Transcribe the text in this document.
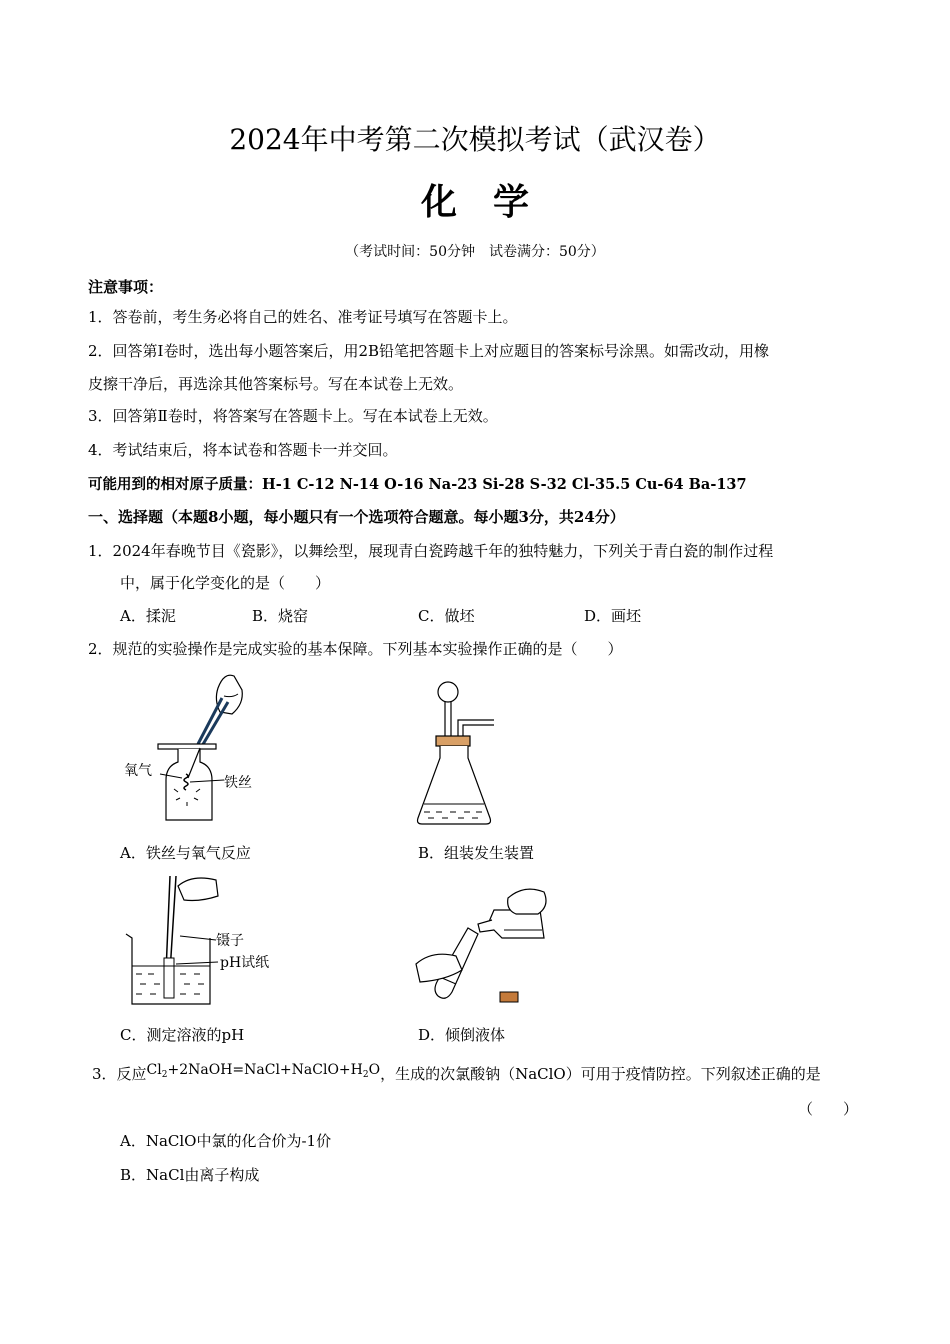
2024年中考第二次模拟考试（武汉卷）
化学
（考试时间：50分钟　试卷满分：50分）
注意事项：
1．答卷前，考生务必将自己的姓名、准考证号填写在答题卡上。
2．回答第Ⅰ卷时，选出每小题答案后，用2B铅笔把答题卡上对应题目的答案标号涂黑。如需改动，用橡
皮擦干净后，再选涂其他答案标号。写在本试卷上无效。
3．回答第Ⅱ卷时，将答案写在答题卡上。写在本试卷上无效。
4．考试结束后，将本试卷和答题卡一并交回。
可能用到的相对原子质量：H-1 C-12 N-14 O-16 Na-23 Si-28 S-32 Cl-35.5 Cu-64 Ba-137
一、选择题（本题8小题，每小题只有一个选项符合题意。每小题3分，共24分）
1．2024年春晚节目《瓷影》，以舞绘型，展现青白瓷跨越千年的独特魅力，下列关于青白瓷的制作过程
中，属于化学变化的是（　　）
A．揉泥	B．烧窑	C．做坯	D．画坯
2．规范的实验操作是完成实验的基本保障。下列基本实验操作正确的是（　　）
氧气
铁丝
A．铁丝与氧气反应	B．组装发生装置
镊子
pH试纸
C．测定溶液的pH	D．倾倒液体
3．反应$Cl_2+2NaOH=NaCl+NaClO+H_2O$，生成的次氯酸钠（NaClO）可用于疫情防控。下列叙述正确的是
（　　）
A．NaClO中氯的化合价为-1价
B．NaCl由离子构成
